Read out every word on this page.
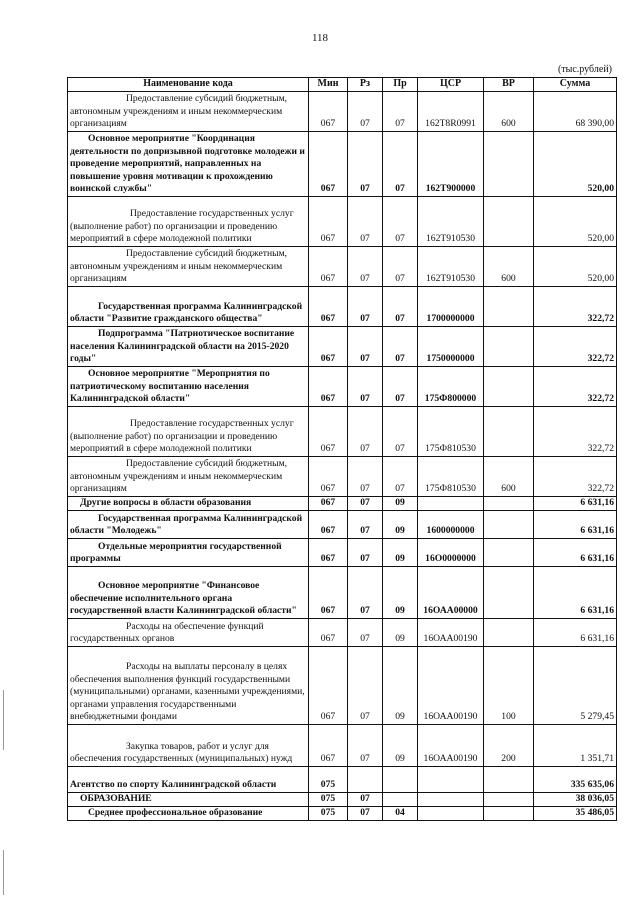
118
(тыс.рублей)
Наименование кода	Мин	Рз	Пр	ЦСР	ВР	Сумма
Предоставление субсидий бюджетным, автономным учреждениям и иным некоммерческим организациям	067	07	07	162Т8R0991	600	68 390,00
Основное мероприятие "Координация деятельности по допризывной подготовке молодежи и проведение мероприятий, направленных на повышение уровня мотивации к прохождению воинской службы"	067	07	07	162Т900000		520,00
Предоставление государственных услуг (выполнение работ) по организации и проведению мероприятий в сфере молодежной политики	067	07	07	162Т910530		520,00
Предоставление субсидий бюджетным, автономным учреждениям и иным некоммерческим организациям	067	07	07	162Т910530	600	520,00
Государственная программа Калининградской области "Развитие гражданского общества"	067	07	07	1700000000		322,72
Подпрограмма "Патриотическое воспитание населения Калининградской области на 2015-2020 годы"	067	07	07	1750000000		322,72
Основное мероприятие "Мероприятия по патриотическому воспитанию населения Калининградской области"	067	07	07	175Ф800000		322,72
Предоставление государственных услуг (выполнение работ) по организации и проведению мероприятий в сфере молодежной политики	067	07	07	175Ф810530		322,72
Предоставление субсидий бюджетным, автономным учреждениям и иным некоммерческим организациям	067	07	07	175Ф810530	600	322,72
Другие вопросы в области образования	067	07	09			6 631,16
Государственная программа Калининградской области "Молодежь"	067	07	09	1600000000		6 631,16
Отдельные мероприятия государственной программы	067	07	09	16О0000000		6 631,16
Основное мероприятие "Финансовое обеспечение исполнительного органа государственной власти Калининградской области"	067	07	09	16ОАА00000		6 631,16
Расходы на обеспечение функций государственных органов	067	07	09	16ОАА00190		6 631,16
Расходы на выплаты персоналу в целях обеспечения выполнения функций государственными (муниципальными) органами, казенными учреждениями, органами управления государственными внебюджетными фондами	067	07	09	16ОАА00190	100	5 279,45
Закупка товаров, работ и услуг для обеспечения государственных (муниципальных) нужд	067	07	09	16ОАА00190	200	1 351,71
Агентство по спорту Калининградской области	075					335 635,06
ОБРАЗОВАНИЕ	075	07				38 036,05
Среднее профессиональное образование	075	07	04			35 486,05
